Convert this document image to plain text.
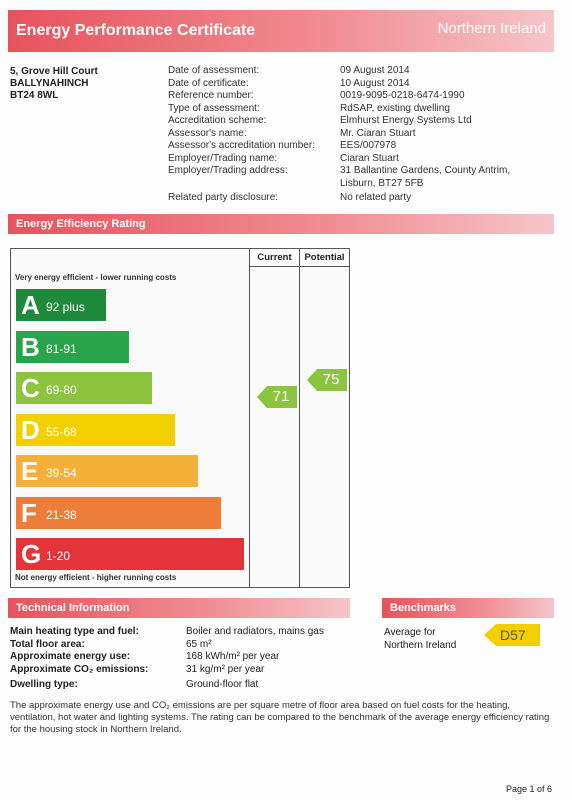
Energy Performance Certificate	Northern Ireland
5, Grove Hill Court
BALLYNAHINCH
BT24 8WL
Date of assessment:
Date of certificate:
Reference number:
Type of assessment:
Accreditation scheme:
Assessor's name:
Assessor's accreditation number:
Employer/Trading name:
Employer/Trading address:

Related party disclosure:
09 August 2014
10 August 2014
0019-9095-0218-6474-1990
RdSAP, existing dwelling
Elmhurst Energy Systems Ltd
Mr. Ciaran Stuart
EES/007978
Ciaran Stuart
31 Ballantine Gardens, County Antrim,
Lisburn, BT27 5FB
No related party
Energy Efficiency Rating
Current	Potential
Very energy efficient - lower running costs
Not energy efficient - higher running costs
A 92 plus
B 81-91
C 69-80
D 55-68
E 39-54
F 21-38
G 1-20
71
75
Technical Information
Main heating type and fuel:
Total floor area:
Approximate energy use:
Approximate CO₂ emissions:
Dwelling type:
Boiler and radiators, mains gas
65 m²
168 kWh/m² per year
31 kg/m² per year
Ground-floor flat
The approximate energy use and CO₂ emissions are per square metre of floor area based on fuel costs for the heating, ventilation, hot water and lighting systems. The rating can be compared to the benchmark of the average energy efficiency rating for the housing stock in Northern Ireland.
Benchmarks
Average for
Northern Ireland
D57
Page 1 of 6
